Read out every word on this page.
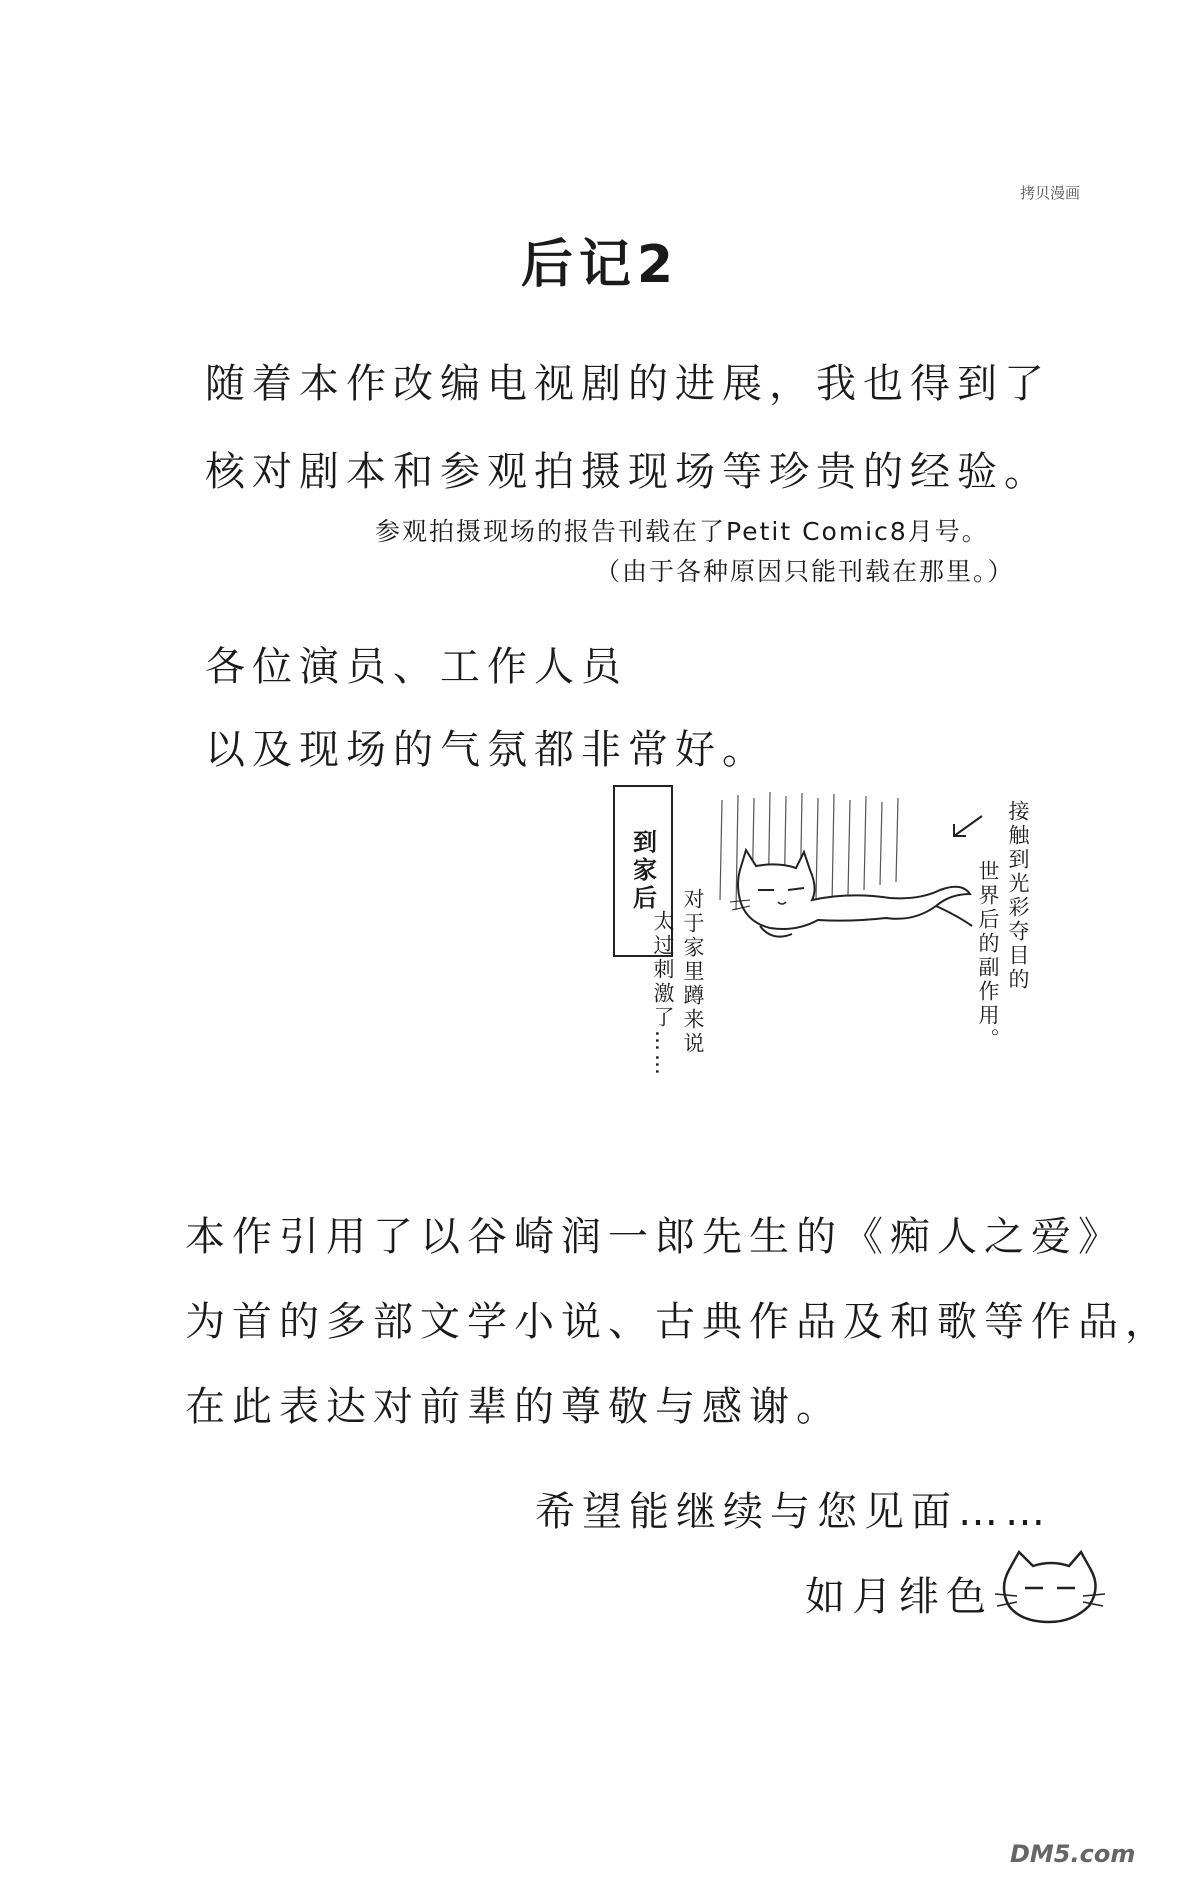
拷贝漫画
后记2
随着本作改编电视剧的进展，我也得到了
核对剧本和参观拍摄现场等珍贵的经验。
参观拍摄现场的报告刊载在了Petit Comic8月号。
（由于各种原因只能刊载在那里。）
各位演员、工作人员
以及现场的气氛都非常好。
到家后
对于家里蹲来说
太过刺激了……
接触到光彩夺目的
世界后的副作用。
本作引用了以谷崎润一郎先生的《痴人之爱》
为首的多部文学小说、古典作品及和歌等作品，
在此表达对前辈的尊敬与感谢。
希望能继续与您见面……
如月绯色
DM5.com
